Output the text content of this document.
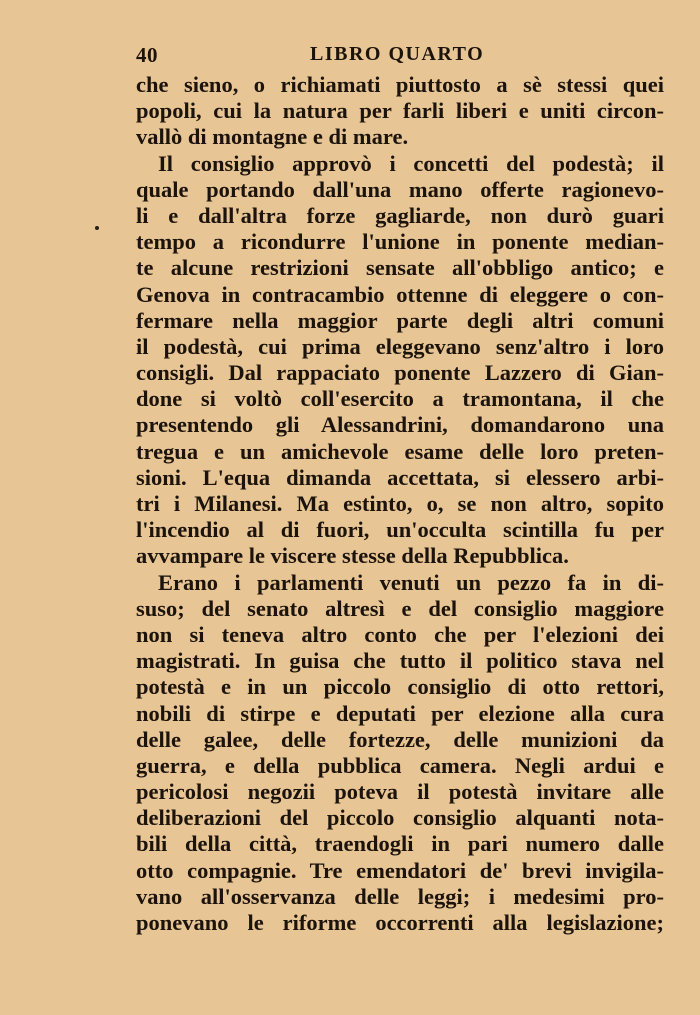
40	LIBRO QUARTO
che sieno, o richiamati piuttosto a sè stessi quei
popoli, cui la natura per farli liberi e uniti circon-
vallò di montagne e di mare.
Il consiglio approvò i concetti del podestà; il
quale portando dall'una mano offerte ragionevo-
li e dall'altra forze gagliarde, non durò guari
tempo a ricondurre l'unione in ponente median-
te alcune restrizioni sensate all'obbligo antico; e
Genova in contracambio ottenne di eleggere o con-
fermare nella maggior parte degli altri comuni
il podestà, cui prima eleggevano senz'altro i loro
consigli. Dal rappaciato ponente Lazzero di Gian-
done si voltò coll'esercito a tramontana, il che
presentendo gli Alessandrini, domandarono una
tregua e un amichevole esame delle loro preten-
sioni. L'equa dimanda accettata, si elessero arbi-
tri i Milanesi. Ma estinto, o, se non altro, sopito
l'incendio al di fuori, un'occulta scintilla fu per
avvampare le viscere stesse della Repubblica.
Erano i parlamenti venuti un pezzo fa in di-
suso; del senato altresì e del consiglio maggiore
non si teneva altro conto che per l'elezioni dei
magistrati. In guisa che tutto il politico stava nel
potestà e in un piccolo consiglio di otto rettori,
nobili di stirpe e deputati per elezione alla cura
delle galee, delle fortezze, delle munizioni da
guerra, e della pubblica camera. Negli ardui e
pericolosi negozii poteva il potestà invitare alle
deliberazioni del piccolo consiglio alquanti nota-
bili della città, traendogli in pari numero dalle
otto compagnie. Tre emendatori de' brevi invigila-
vano all'osservanza delle leggi; i medesimi pro-
ponevano le riforme occorrenti alla legislazione;
